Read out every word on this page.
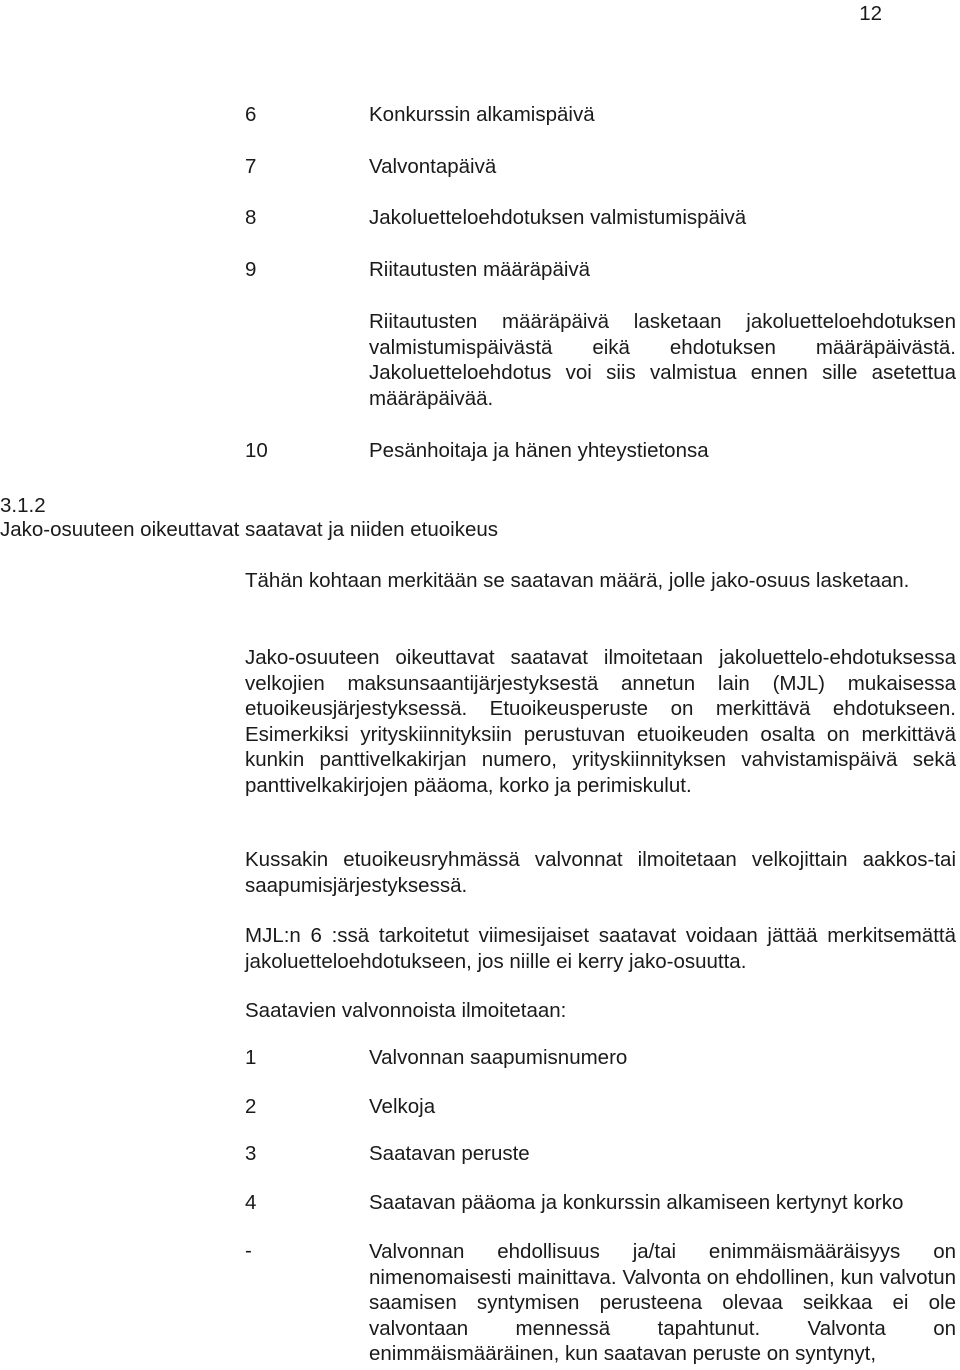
12
6	Konkurssin alkamispäivä
7	Valvontapäivä
8	Jakoluetteloehdotuksen valmistumispäivä
9	Riitautusten määräpäivä
Riitautusten määräpäivä lasketaan jakoluetteloehdotuksen valmistumispäivästä eikä ehdotuksen määräpäivästä. Jakoluetteloehdotus voi siis valmistua ennen sille asetettua määräpäivää.
10	Pesänhoitaja ja hänen yhteystietonsa
3.1.2
Jako-osuuteen oikeuttavat saatavat ja niiden etuoikeus
Tähän kohtaan merkitään se saatavan määrä, jolle jako-osuus lasketaan.
Jako-osuuteen oikeuttavat saatavat ilmoitetaan jakoluettelo-ehdotuksessa velkojien maksunsaantijärjestyksestä annetun lain (MJL) mukaisessa etuoikeusjärjestyksessä. Etuoikeusperuste on merkittävä ehdotukseen. Esimerkiksi yrityskiinnityksiin perustuvan etuoikeuden osalta on merkittävä kunkin panttivelkakirjan numero, yrityskiinnityksen vahvistamispäivä sekä panttivelkakirjojen pääoma, korko ja perimiskulut.
Kussakin etuoikeusryhmässä valvonnat ilmoitetaan velkojittain aakkos-tai saapumisjärjestyksessä.
MJL:n 6 :ssä tarkoitetut viimesijaiset saatavat voidaan jättää merkitsemättä jakoluetteloehdotukseen, jos niille ei kerry jako-osuutta.
Saatavien valvonnoista ilmoitetaan:
1	Valvonnan saapumisnumero
2	Velkoja
3	Saatavan peruste
4	Saatavan pääoma ja konkurssin alkamiseen kertynyt korko
-	Valvonnan ehdollisuus ja/tai enimmäismääräisyys on nimenomaisesti mainittava. Valvonta on ehdollinen, kun valvotun saamisen syntymisen perusteena olevaa seikkaa ei ole valvontaan mennessä tapahtunut. Valvonta on enimmäismääräinen, kun saatavan peruste on syntynyt,
